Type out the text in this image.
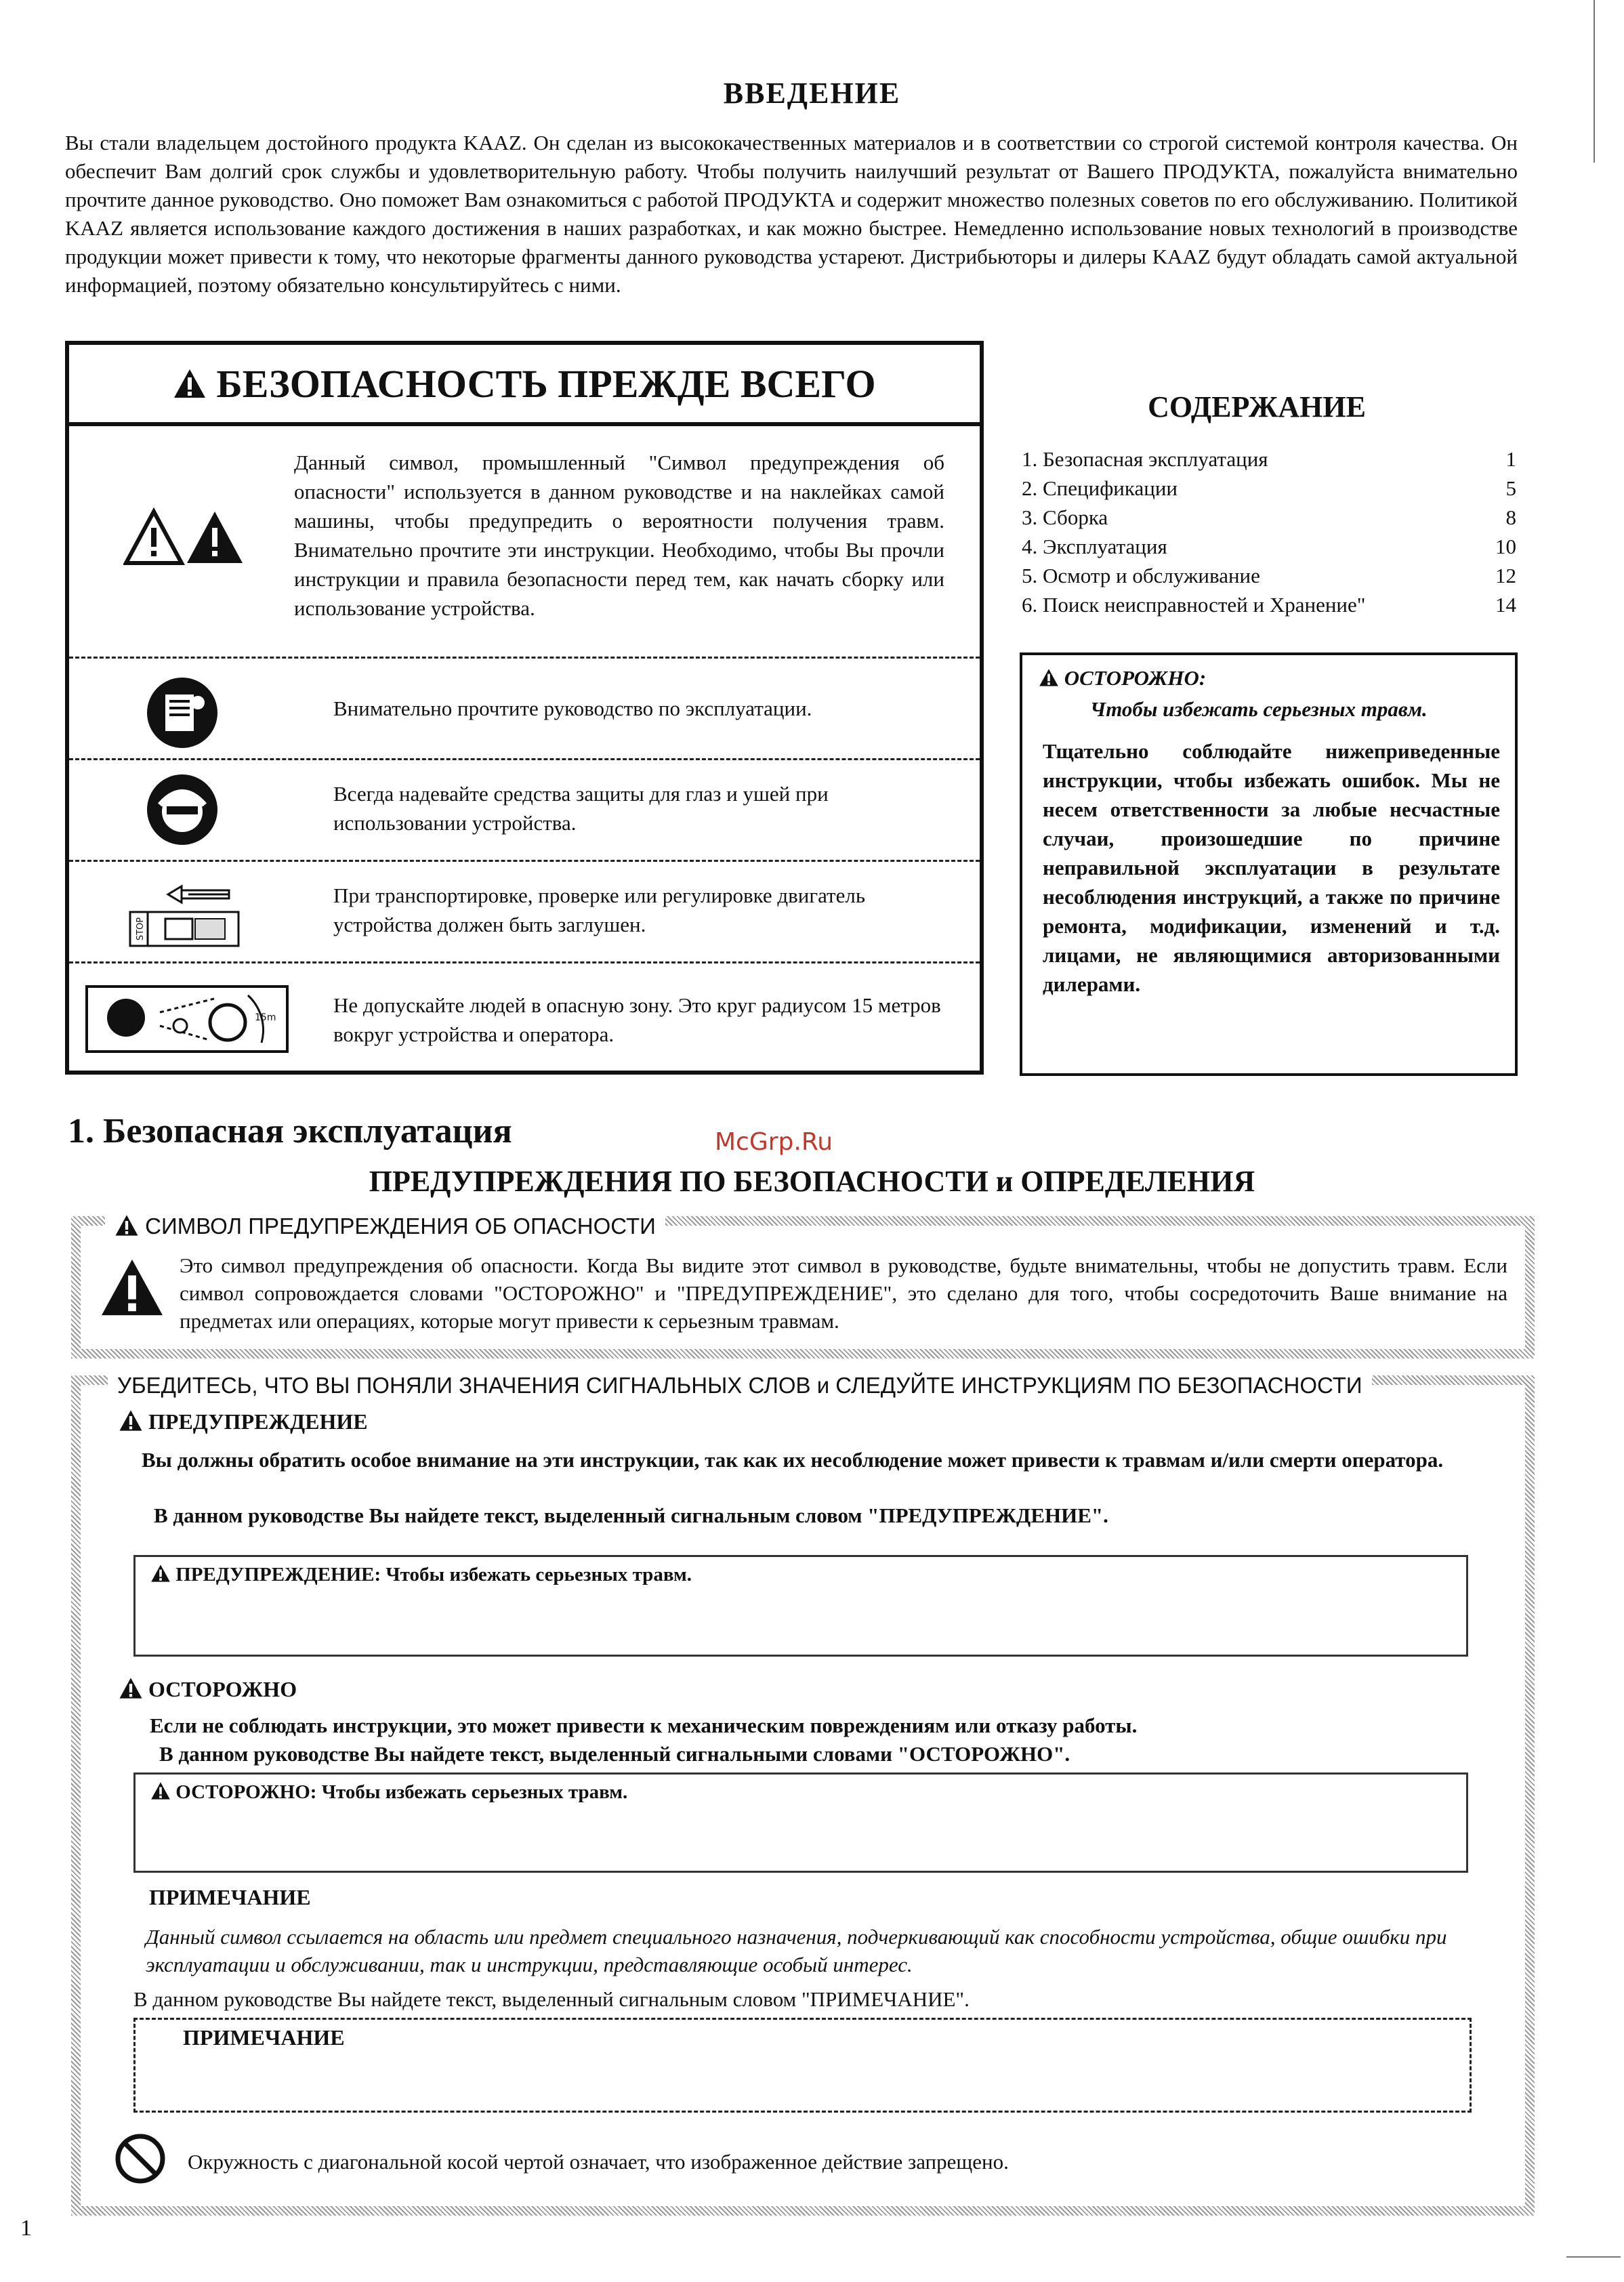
ВВЕДЕНИЕ
Вы стали владельцем достойного продукта KAAZ. Он сделан из высококачественных материалов и в соответствии со строгой системой контроля качества. Он обеспечит Вам долгий срок службы и удовлетворительную работу. Чтобы получить наилучший результат от Вашего ПРОДУКТА, пожалуйста внимательно прочтите данное руководство. Оно поможет Вам ознакомиться с работой ПРОДУКТА и содержит множество полезных советов по его обслуживанию. Политикой KAAZ является использование каждого достижения в наших разработках, и как можно быстрее. Немедленно использование новых технологий в производстве продукции может привести к тому, что некоторые фрагменты данного руководства устареют. Дистрибьюторы и дилеры KAAZ будут обладать самой актуальной информацией, поэтому обязательно консультируйтесь с ними.
БЕЗОПАСНОСТЬ ПРЕЖДЕ ВСЕГО
Данный символ, промышленный "Символ предупреждения об опасности" используется в данном руководстве и на наклейках самой машины, чтобы предупредить о вероятности получения травм. Внимательно прочтите эти инструкции. Необходимо, чтобы Вы прочли инструкции и правила безопасности перед тем, как начать сборку или использование устройства.
Внимательно прочтите руководство по эксплуатации.
Всегда надевайте средства защиты для глаз и ушей при использовании устройства.
STOP
При транспортировке, проверке или регулировке двигатель устройства должен быть заглушен.
15m
Не допускайте людей в опасную зону. Это круг радиусом 15 метров вокруг устройства и оператора.
СОДЕРЖАНИЕ
1. Безопасная эксплуатация	1
2. Спецификации	5
3. Сборка	8
4. Эксплуатация	10
5. Осмотр и обслуживание	12
6. Поиск неисправностей и Хранение"	14
ОСТОРОЖНО:
Чтобы избежать серьезных травм.
Тщательно соблюдайте нижеприведенные инструкции, чтобы избежать ошибок. Мы не несем ответственности за любые несчастные случаи, произошедшие по причине неправильной эксплуатации в результате несоблюдения инструкций, а также по причине ремонта, модификации, изменений и т.д. лицами, не являющимися авторизованными дилерами.
1. Безопасная эксплуатация	McGrp.Ru
ПРЕДУПРЕЖДЕНИЯ ПО БЕЗОПАСНОСТИ и ОПРЕДЕЛЕНИЯ
СИМВОЛ ПРЕДУПРЕЖДЕНИЯ ОБ ОПАСНОСТИ
Это символ предупреждения об опасности. Когда Вы видите этот символ в руководстве, будьте внимательны, чтобы не допустить травм. Если символ сопровождается словами "ОСТОРОЖНО" и "ПРЕДУПРЕЖДЕНИЕ", это сделано для того, чтобы сосредоточить Ваше внимание на предметах или операциях, которые могут привести к серьезным травмам.
УБЕДИТЕСЬ, ЧТО ВЫ ПОНЯЛИ ЗНАЧЕНИЯ СИГНАЛЬНЫХ СЛОВ и СЛЕДУЙТЕ ИНСТРУКЦИЯМ ПО БЕЗОПАСНОСТИ
ПРЕДУПРЕЖДЕНИЕ
Вы должны обратить особое внимание на эти инструкции, так как их несоблюдение может привести к травмам и/или смерти оператора.
В данном руководстве Вы найдете текст, выделенный сигнальным словом "ПРЕДУПРЕЖДЕНИЕ".
ПРЕДУПРЕЖДЕНИЕ: Чтобы избежать серьезных травм.
ОСТОРОЖНО
Если не соблюдать инструкции, это может привести к механическим повреждениям или отказу работы.
В данном руководстве Вы найдете текст, выделенный сигнальными словами "ОСТОРОЖНО".
ОСТОРОЖНО: Чтобы избежать серьезных травм.
ПРИМЕЧАНИЕ
Данный символ ссылается на область или предмет специального назначения, подчеркивающий как способности устройства, общие ошибки при эксплуатации и обслуживании, так и инструкции, представляющие особый интерес.
В данном руководстве Вы найдете текст, выделенный сигнальным словом "ПРИМЕЧАНИЕ".
ПРИМЕЧАНИЕ
Окружность с диагональной косой чертой означает, что изображенное действие запрещено.
1
